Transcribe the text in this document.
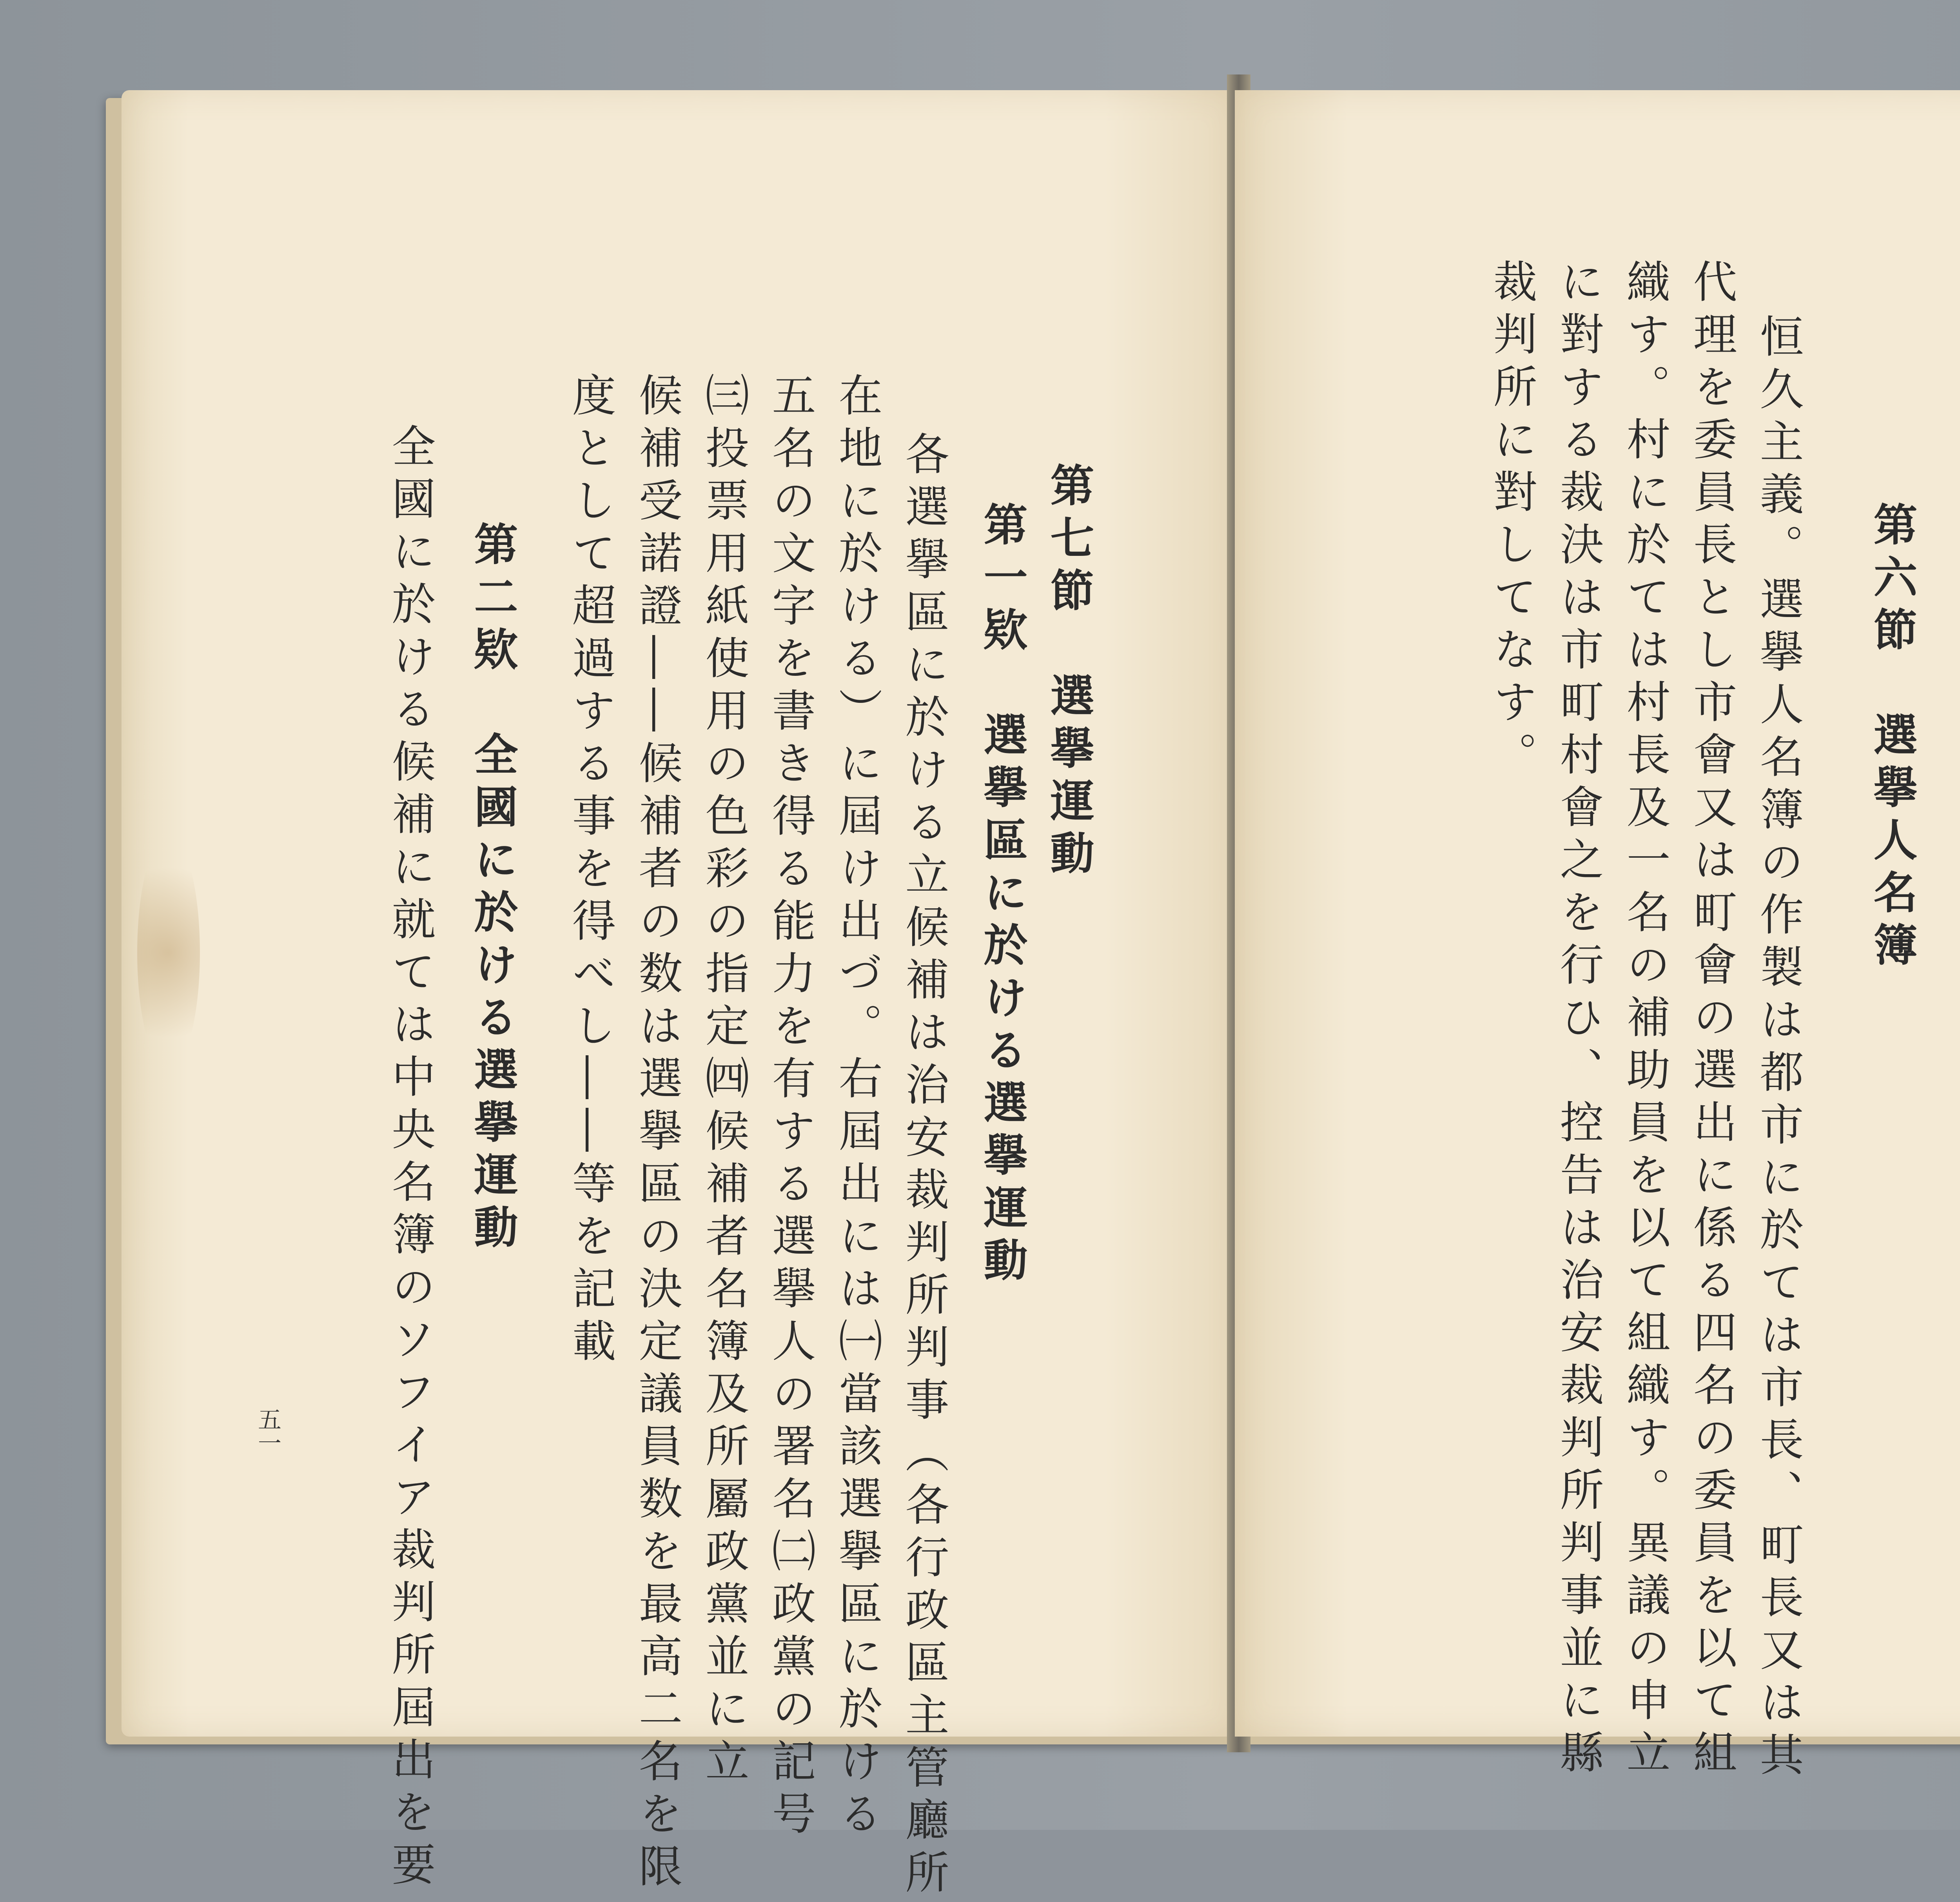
第七節　選擧運動
第一欵　選擧區に於ける選擧運動
各選擧區に於ける立候補は治安裁判所判事（各行政區主管廳所
在地に於ける）に屆け出づ。右屆出には㈠當該選擧區に於ける
五名の文字を書き得る能力を有する選擧人の署名㈡政黨の記号
㈢投票用紙使用の色彩の指定㈣候補者名簿及所屬政黨並に立
候補受諾證――候補者の数は選擧區の決定議員数を最高二名を限
度として超過する事を得べし――等を記載
第二欵　全國に於ける選擧運動
全國に於ける候補に就ては中央名簿のソフイア裁判所屆出を要
五一
第六節　選擧人名簿
恒久主義。選擧人名簿の作製は都市に於ては市長、町長又は其
代理を委員長とし市會又は町會の選出に係る四名の委員を以て組
織す。村に於ては村長及一名の補助員を以て組織す。異議の申立
に對する裁決は市町村會之を行ひ、控告は治安裁判所判事並に縣
裁判所に對してなす。
